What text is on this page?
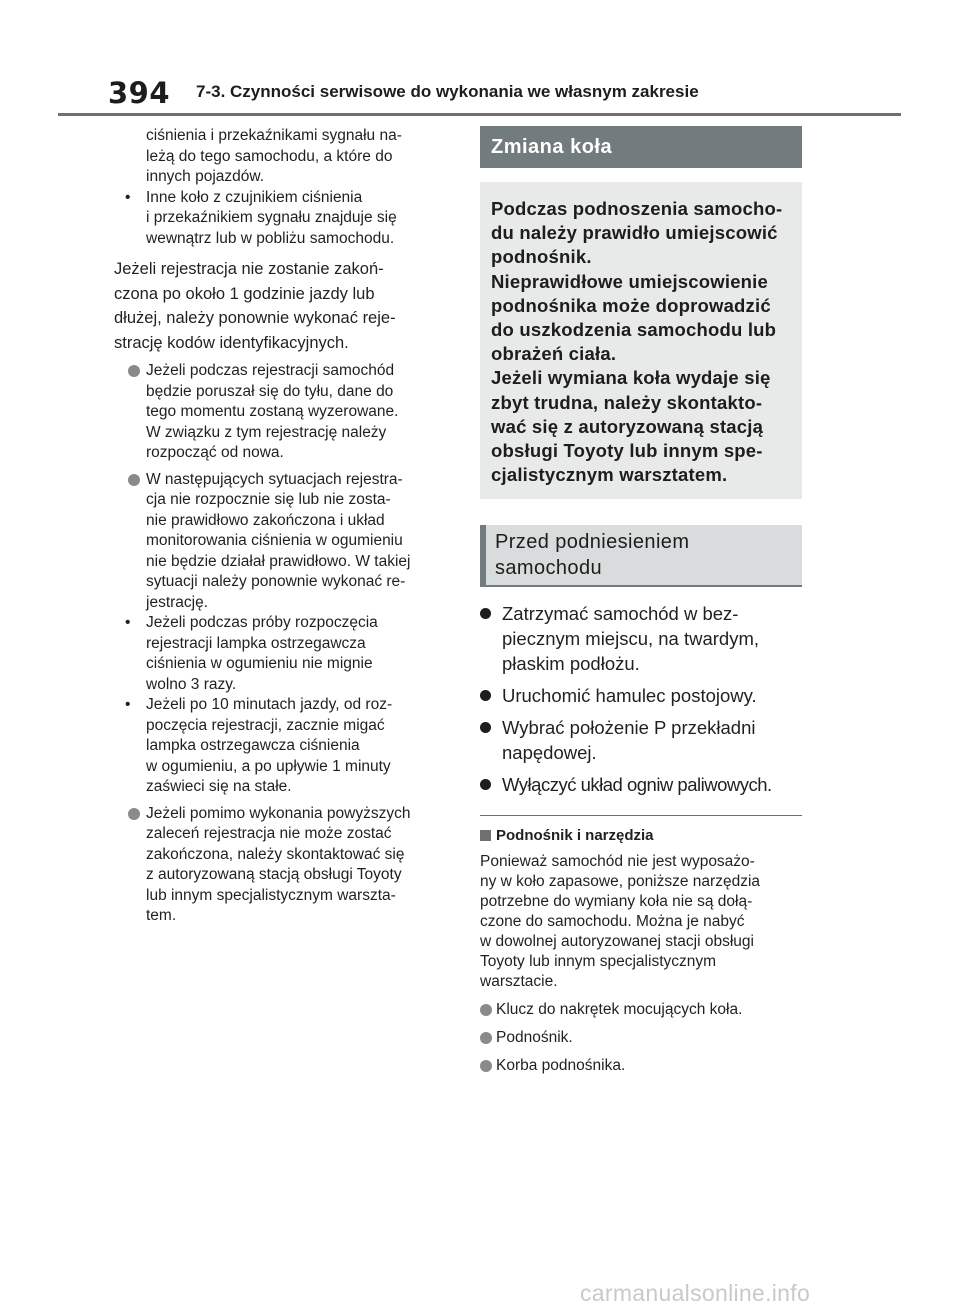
394 7-3. Czynności serwisowe do wykonania we własnym zakresie
ciśnienia i przekaźnikami sygnału na-
leżą do tego samochodu, a które do
innych pojazdów.
• Inne koło z czujnikiem ciśnienia
i przekaźnikiem sygnału znajduje się
wewnątrz lub w pobliżu samochodu.
Jeżeli rejestracja nie zostanie zakoń-
czona po około 1 godzinie jazdy lub
dłużej, należy ponownie wykonać reje-
strację kodów identyfikacyjnych.
Jeżeli podczas rejestracji samochód
będzie poruszał się do tyłu, dane do
tego momentu zostaną wyzerowane.
W związku z tym rejestrację należy
rozpocząć od nowa.
W następujących sytuacjach rejestra-
cja nie rozpocznie się lub nie zosta-
nie prawidłowo zakończona i układ
monitorowania ciśnienia w ogumieniu
nie będzie działał prawidłowo. W takiej
sytuacji należy ponownie wykonać re-
jestrację.
• Jeżeli podczas próby rozpoczęcia
rejestracji lampka ostrzegawcza
ciśnienia w ogumieniu nie mignie
wolno 3 razy.
• Jeżeli po 10 minutach jazdy, od roz-
poczęcia rejestracji, zacznie migać
lampka ostrzegawcza ciśnienia
w ogumieniu, a po upływie 1 minuty
zaświeci się na stałe.
Jeżeli pomimo wykonania powyższych
zaleceń rejestracja nie może zostać
zakończona, należy skontaktować się
z autoryzowaną stacją obsługi Toyoty
lub innym specjalistycznym warszta-
tem.
Zmiana koła
Podczas podnoszenia samocho-
du należy prawidło umiejscowić
podnośnik.
Nieprawidłowe umiejscowienie
podnośnika może doprowadzić
do uszkodzenia samochodu lub
obrażeń ciała.
Jeżeli wymiana koła wydaje się
zbyt trudna, należy skontakto-
wać się z autoryzowaną stacją
obsługi Toyoty lub innym spe-
cjalistycznym warsztatem.
Przed podniesieniem
samochodu
Zatrzymać samochód w bez-
piecznym miejscu, na twardym,
płaskim podłożu.
Uruchomić hamulec postojowy.
Wybrać położenie P przekładni
napędowej.
Wyłączyć układ ogniw paliwowych.
Podnośnik i narzędzia
Ponieważ samochód nie jest wyposażo-
ny w koło zapasowe, poniższe narzędzia
potrzebne do wymiany koła nie są dołą-
czone do samochodu. Można je nabyć
w dowolnej autoryzowanej stacji obsługi
Toyoty lub innym specjalistycznym
warsztacie.
Klucz do nakrętek mocujących koła.
Podnośnik.
Korba podnośnika.
carmanualsonline.info
